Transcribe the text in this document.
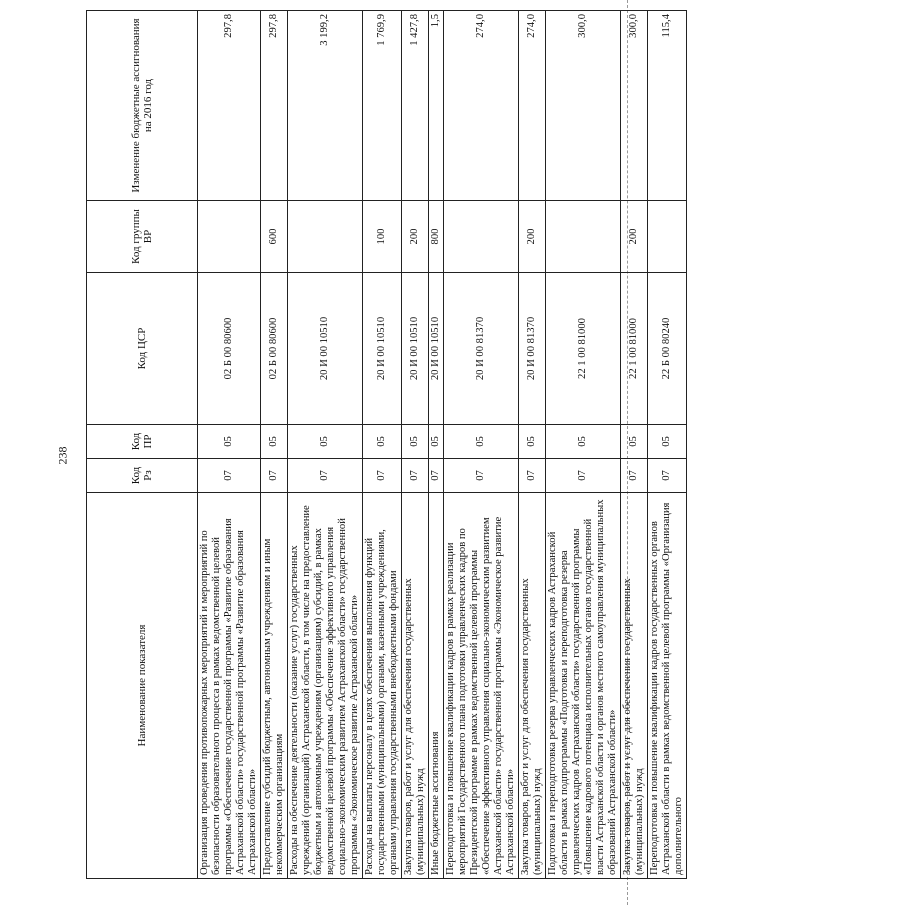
Наименование показателя	Код Рз	Код ПР	Код ЦСР	Код группы ВР	Изменение бюджетные ассигнования на 2016 год
Организация проведения противопожарных мероприятий и мероприятий по безопасности образовательного процесса в рамках ведомственной целевой программы «Обеспечение государственной программы «Развитие образования Астраханской области» государственной программы «Развитие образования Астраханской области»	07	05	02 Б 00 80600		297,8
Предоставление субсидий бюджетным, автономным учреждениям и иным некоммерческим организациям	07	05	02 Б 00 80600	600	297,8
Расходы на обеспечение деятельности (оказание услуг) государственных учреждений (организаций) Астраханской области, в том числе на предоставление бюджетным и автономным учреждениям (организациям) субсидий, в рамках ведомственной целевой программы «Обеспечение эффективного управления социально-экономическим развитием Астраханской области» государственной программы «Экономическое развитие Астраханской области»	07	05	20 И 00 10510		3 199,2
Расходы на выплаты персоналу в целях обеспечения выполнения функций государственными (муниципальными) органами, казенными учреждениями, органами управления государственными внебюджетными фондами	07	05	20 И 00 10510	100	1 769,9
Закупка товаров, работ и услуг для обеспечения государственных (муниципальных) нужд	07	05	20 И 00 10510	200	1 427,8
Иные бюджетные ассигнования	07	05	20 И 00 10510	800	1,5
Переподготовка и повышение квалификации кадров в рамках реализации мероприятий Государственного плана подготовки управленческих кадров по Президентской программе в рамках ведомственной целевой программы «Обеспечение эффективного управления социально-экономическим развитием Астраханской области» государственной программы «Экономическое развитие Астраханской области»	07	05	20 И 00 81370		274,0
Закупка товаров, работ и услуг для обеспечения государственных (муниципальных) нужд	07	05	20 И 00 81370	200	274,0
Подготовка и переподготовка резерва управленческих кадров Астраханской области в рамках подпрограммы «Подготовка и переподготовка резерва управленческих кадров Астраханской области» государственной программы «Повышение кадрового потенциала исполнительных органов государственной власти Астраханской области и органов местного самоуправления муниципальных образований Астраханской области»	07	05	22 1 00 81000		300,0
Закупка товаров, работ и услуг для обеспечения государственных (муниципальных) нужд	07	05	22 1 00 81000	200	300,0
Переподготовка и повышение квалификации кадров государственных органов Астраханской области в рамках ведомственной целевой программы «Организация дополнительного	07	05	22 Б 00 80240		115,4
238
